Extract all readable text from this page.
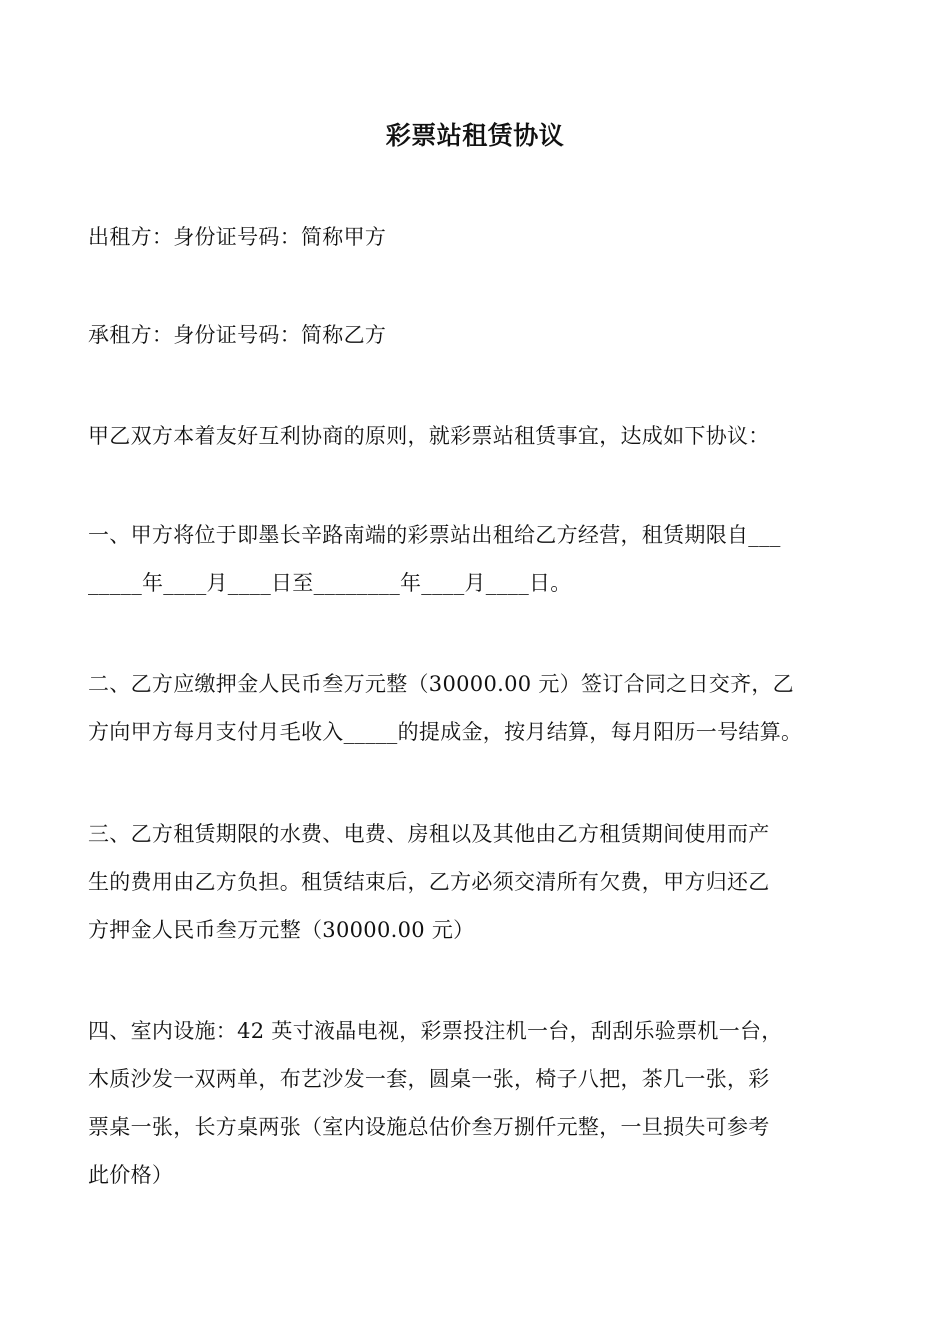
彩票站租赁协议
出租方：身份证号码：简称甲方
承租方：身份证号码：简称乙方
甲乙双方本着友好互利协商的原则，就彩票站租赁事宜，达成如下协议：
一、甲方将位于即墨长辛路南端的彩票站出租给乙方经营，租赁期限自___
_____年____月____日至________年____月____日。
二、乙方应缴押金人民币叁万元整（30000.00 元）签订合同之日交齐，乙
方向甲方每月支付月毛收入_____的提成金，按月结算，每月阳历一号结算。
三、乙方租赁期限的水费、电费、房租以及其他由乙方租赁期间使用而产
生的费用由乙方负担。租赁结束后，乙方必须交清所有欠费，甲方归还乙
方押金人民币叁万元整（30000.00 元）
四、室内设施：42 英寸液晶电视，彩票投注机一台，刮刮乐验票机一台，
木质沙发一双两单，布艺沙发一套，圆桌一张，椅子八把，茶几一张，彩
票桌一张，长方桌两张（室内设施总估价叁万捌仟元整，一旦损失可参考
此价格）
